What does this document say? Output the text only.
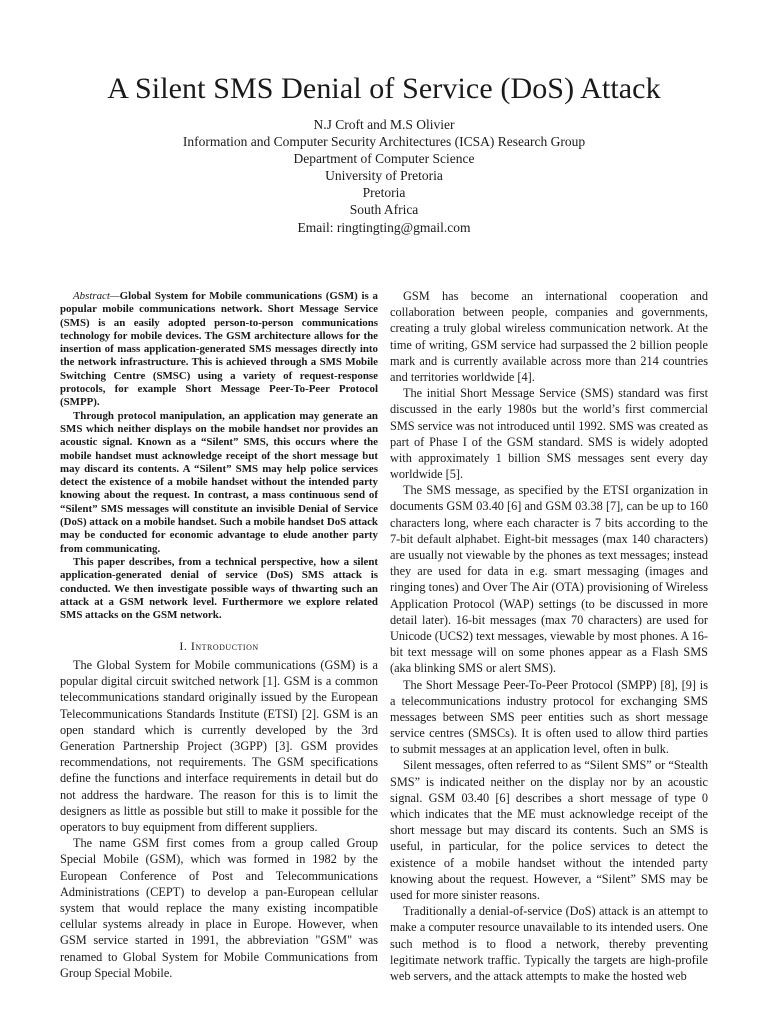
A Silent SMS Denial of Service (DoS) Attack
N.J Croft and M.S Olivier
Information and Computer Security Architectures (ICSA) Research Group
Department of Computer Science
University of Pretoria
Pretoria
South Africa
Email: ringtingting@gmail.com

Abstract—Global System for Mobile communications (GSM) is a popular mobile communications network. Short Message Service (SMS) is an easily adopted person-to-person communications technology for mobile devices. The GSM architecture allows for the insertion of mass application-generated SMS messages directly into the network infrastructure. This is achieved through a SMS Mobile Switching Centre (SMSC) using a variety of request-response protocols, for example Short Message Peer-To-Peer Protocol (SMPP).

Through protocol manipulation, an application may generate an SMS which neither displays on the mobile handset nor provides an acoustic signal. Known as a “Silent” SMS, this occurs where the mobile handset must acknowledge receipt of the short message but may discard its contents. A “Silent” SMS may help police services detect the existence of a mobile handset without the intended party knowing about the request. In contrast, a mass continuous send of “Silent” SMS messages will constitute an invisible Denial of Service (DoS) attack on a mobile handset. Such a mobile handset DoS attack may be conducted for economic advantage to elude another party from communicating.

This paper describes, from a technical perspective, how a silent application-generated denial of service (DoS) SMS attack is conducted. We then investigate possible ways of thwarting such an attack at a GSM network level. Furthermore we explore related SMS attacks on the GSM network.

I. Introduction

The Global System for Mobile communications (GSM) is a popular digital circuit switched network [1]. GSM is a common telecommunications standard originally issued by the European Telecommunications Standards Institute (ETSI) [2]. GSM is an open standard which is currently developed by the 3rd Generation Partnership Project (3GPP) [3]. GSM provides recommendations, not requirements. The GSM specifications define the functions and interface requirements in detail but do not address the hardware. The reason for this is to limit the designers as little as possible but still to make it possible for the operators to buy equipment from different suppliers.

The name GSM first comes from a group called Group Special Mobile (GSM), which was formed in 1982 by the European Conference of Post and Telecommunications Administrations (CEPT) to develop a pan-European cellular system that would replace the many existing incompatible cellular systems already in place in Europe. However, when GSM service started in 1991, the abbreviation "GSM" was renamed to Global System for Mobile Communications from Group Special Mobile.

GSM has become an international cooperation and collaboration between people, companies and governments, creating a truly global wireless communication network. At the time of writing, GSM service had surpassed the 2 billion people mark and is currently available across more than 214 countries and territories worldwide [4].

The initial Short Message Service (SMS) standard was first discussed in the early 1980s but the world’s first commercial SMS service was not introduced until 1992. SMS was created as part of Phase I of the GSM standard. SMS is widely adopted with approximately 1 billion SMS messages sent every day worldwide [5].

The SMS message, as specified by the ETSI organization in documents GSM 03.40 [6] and GSM 03.38 [7], can be up to 160 characters long, where each character is 7 bits according to the 7-bit default alphabet. Eight-bit messages (max 140 characters) are usually not viewable by the phones as text messages; instead they are used for data in e.g. smart messaging (images and ringing tones) and Over The Air (OTA) provisioning of Wireless Application Protocol (WAP) settings (to be discussed in more detail later). 16-bit messages (max 70 characters) are used for Unicode (UCS2) text messages, viewable by most phones. A 16-bit text message will on some phones appear as a Flash SMS (aka blinking SMS or alert SMS).

The Short Message Peer-To-Peer Protocol (SMPP) [8], [9] is a telecommunications industry protocol for exchanging SMS messages between SMS peer entities such as short message service centres (SMSCs). It is often used to allow third parties to submit messages at an application level, often in bulk.

Silent messages, often referred to as “Silent SMS” or “Stealth SMS” is indicated neither on the display nor by an acoustic signal. GSM 03.40 [6] describes a short message of type 0 which indicates that the ME must acknowledge receipt of the short message but may discard its contents. Such an SMS is useful, in particular, for the police services to detect the existence of a mobile handset without the intended party knowing about the request. However, a “Silent” SMS may be used for more sinister reasons.

Traditionally a denial-of-service (DoS) attack is an attempt to make a computer resource unavailable to its intended users. One such method is to flood a network, thereby preventing legitimate network traffic. Typically the targets are high-profile web servers, and the attack attempts to make the hosted web
